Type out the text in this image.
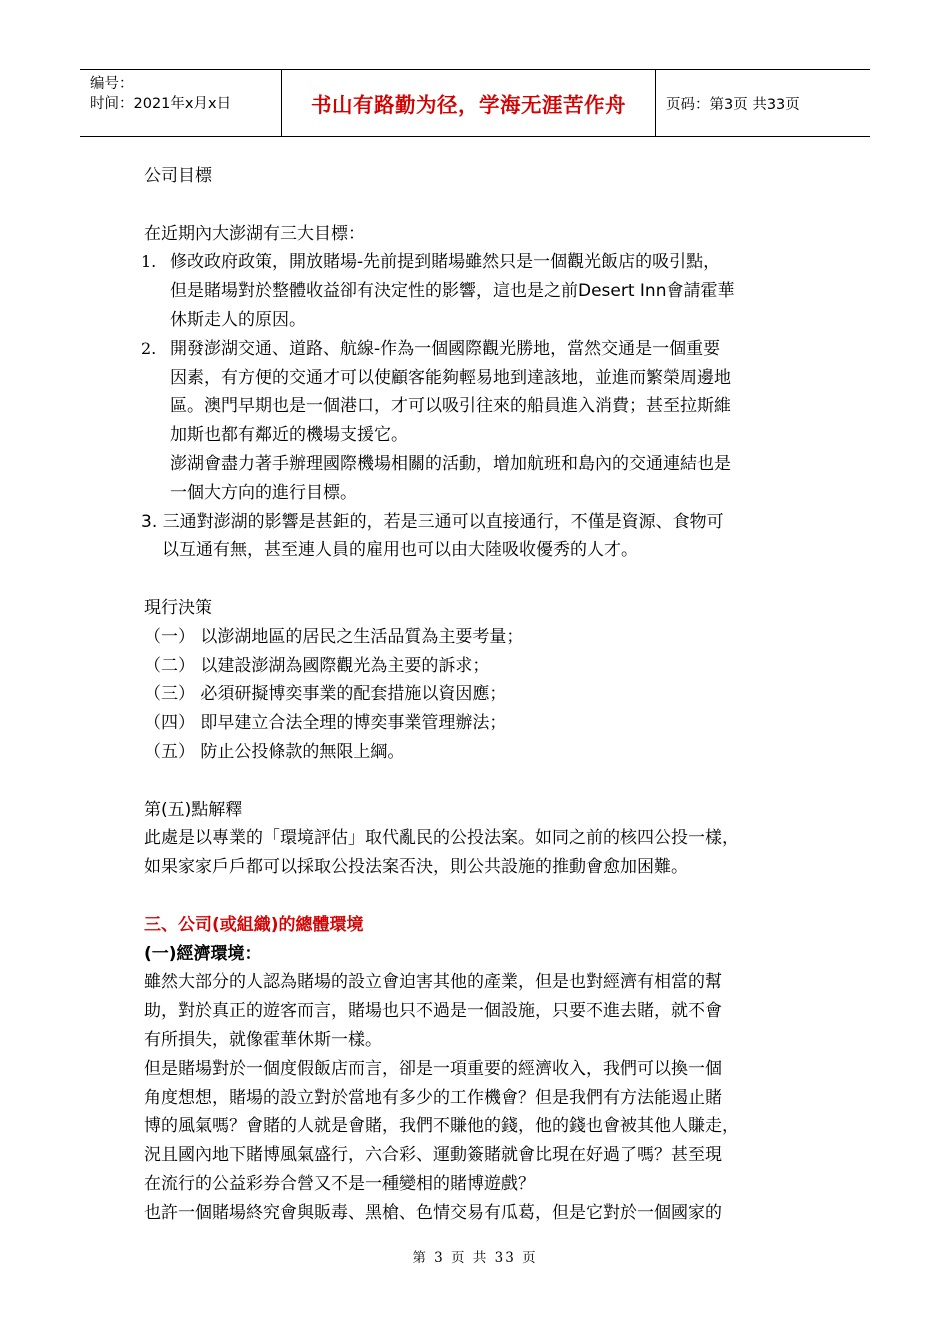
编号：
时间：2021年x月x日	书山有路勤为径，学海无涯苦作舟	页码：第3页 共33页
公司目標
在近期內大澎湖有三大目標：
1. 修改政府政策，開放賭場-先前提到賭場雖然只是一個觀光飯店的吸引點，
但是賭場對於整體收益卻有決定性的影響，這也是之前Desert Inn會請霍華
休斯走人的原因。
2. 開發澎湖交通、道路、航線-作為一個國際觀光勝地，當然交通是一個重要
因素，有方便的交通才可以使顧客能夠輕易地到達該地，並進而繁榮周邊地
區。澳門早期也是一個港口，才可以吸引往來的船員進入消費；甚至拉斯維
加斯也都有鄰近的機場支援它。
澎湖會盡力著手辦理國際機場相關的活動，增加航班和島內的交通連結也是
一個大方向的進行目標。
3. 三通對澎湖的影響是甚鉅的，若是三通可以直接通行，不僅是資源、食物可
以互通有無，甚至連人員的雇用也可以由大陸吸收優秀的人才。
現行決策
（一） 以澎湖地區的居民之生活品質為主要考量；
（二） 以建設澎湖為國際觀光為主要的訴求；
（三） 必須研擬博奕事業的配套措施以資因應；
（四） 即早建立合法全理的博奕事業管理辦法；
（五） 防止公投條款的無限上綱。
第(五)點解釋
此處是以專業的「環境評估」取代亂民的公投法案。如同之前的核四公投一樣，
如果家家戶戶都可以採取公投法案否決，則公共設施的推動會愈加困難。
三、公司(或組織)的總體環境
(一)經濟環境：
雖然大部分的人認為賭場的設立會迫害其他的產業，但是也對經濟有相當的幫
助，對於真正的遊客而言，賭場也只不過是一個設施，只要不進去賭，就不會
有所損失，就像霍華休斯一樣。
但是賭場對於一個度假飯店而言，卻是一項重要的經濟收入，我們可以換一個
角度想想，賭場的設立對於當地有多少的工作機會？但是我們有方法能遏止賭
博的風氣嗎？會賭的人就是會賭，我們不賺他的錢，他的錢也會被其他人賺走，
況且國內地下賭博風氣盛行，六合彩、運動簽賭就會比現在好過了嗎？甚至現
在流行的公益彩券合營又不是一種變相的賭博遊戲？
也許一個賭場終究會與販毒、黑槍、色情交易有瓜葛，但是它對於一個國家的
第 3 页 共 33 页
